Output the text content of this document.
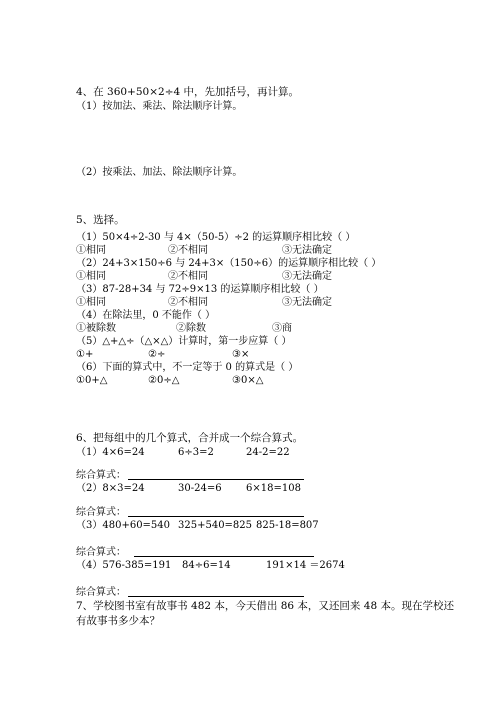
4、在 360+50×2÷4 中，先加括号，再计算。
（1）按加法、乘法、除法顺序计算。
（2）按乘法、加法、除法顺序计算。
5、选择。
（1）50×4÷2-30 与 4×（50-5）÷2 的运算顺序相比较（ ）
①相同	②不相同	③无法确定
（2）24+3×150÷6 与 24+3×（150÷6）的运算顺序相比较（ ）
①相同	②不相同	③无法确定
（3）87-28+34 与 72÷9×13 的运算顺序相比较（ ）
①相同	②不相同	③无法确定
（4）在除法里，0 不能作（ ）
①被除数	②除数	③商
（5）△+△÷（△×△）计算时，第一步应算（ ）
①+	②÷	③×
（6）下面的算式中，不一定等于 0 的算式是（ ）
①0+△	②0÷△	③0×△
6、把每组中的几个算式，合并成一个综合算式。
（1）4×6=24	6÷3=2	24-2=22
综合算式：
（2）8×3=24	30-24=6 6×18=108
综合算式：
（3）480+60=540 325+540=825 825-18=807
综合算式：
（4）576-385=191 84÷6=14	191×14 ＝2674
综合算式：
7、学校图书室有故事书 482 本，今天借出 86 本，又还回来 48 本。现在学校还
有故事书多少本？
